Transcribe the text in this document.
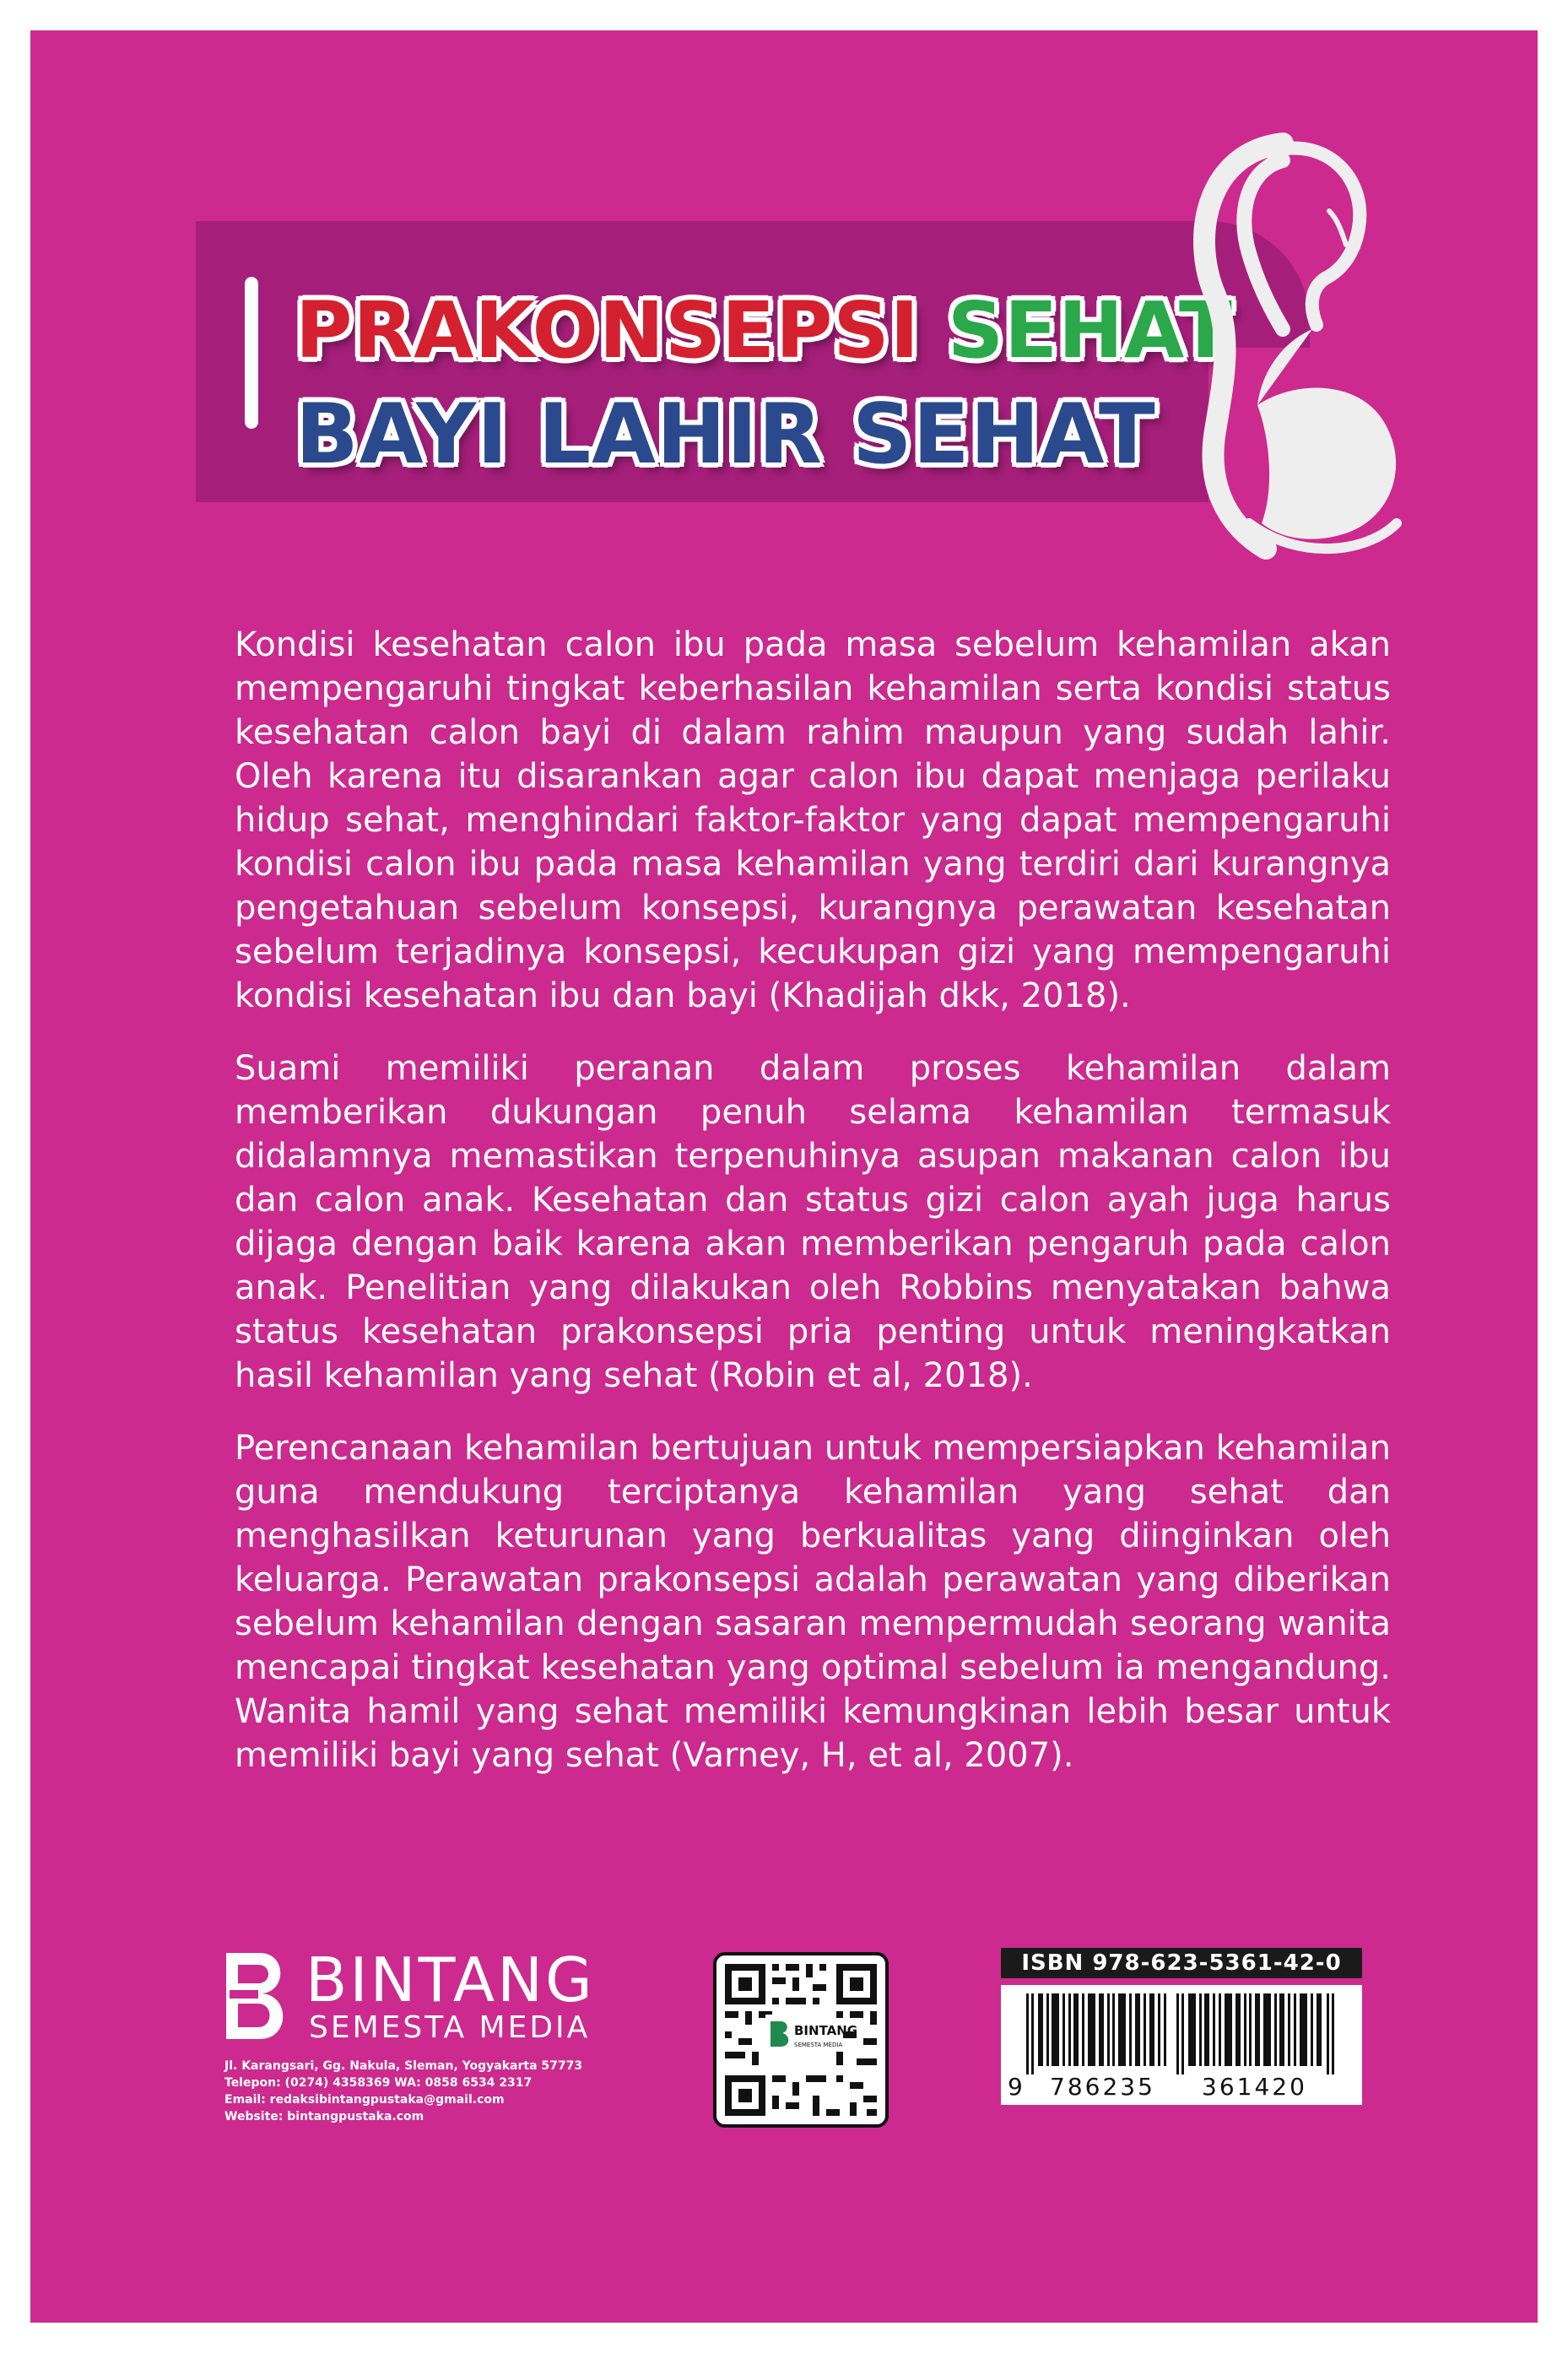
PRAKONSEPSI SEHAT
BAYI LAHIR SEHAT

Kondisi kesehatan calon ibu pada masa sebelum kehamilan akan mempengaruhi tingkat keberhasilan kehamilan serta kondisi status kesehatan calon bayi di dalam rahim maupun yang sudah lahir. Oleh karena itu disarankan agar calon ibu dapat menjaga perilaku hidup sehat, menghindari faktor-faktor yang dapat mempengaruhi kondisi calon ibu pada masa kehamilan yang terdiri dari kurangnya pengetahuan sebelum konsepsi, kurangnya perawatan kesehatan sebelum terjadinya konsepsi, kecukupan gizi yang mempengaruhi kondisi kesehatan ibu dan bayi (Khadijah dkk, 2018).

Suami memiliki peranan dalam proses kehamilan dalam memberikan dukungan penuh selama kehamilan termasuk didalamnya memastikan terpenuhinya asupan makanan calon ibu dan calon anak. Kesehatan dan status gizi calon ayah juga harus dijaga dengan baik karena akan memberikan pengaruh pada calon anak. Penelitian yang dilakukan oleh Robbins menyatakan bahwa status kesehatan prakonsepsi pria penting untuk meningkatkan hasil kehamilan yang sehat (Robin et al, 2018).

Perencanaan kehamilan bertujuan untuk mempersiapkan kehamilan guna mendukung terciptanya kehamilan yang sehat dan menghasilkan keturunan yang berkualitas yang diinginkan oleh keluarga. Perawatan prakonsepsi adalah perawatan yang diberikan sebelum kehamilan dengan sasaran mempermudah seorang wanita mencapai tingkat kesehatan yang optimal sebelum ia mengandung. Wanita hamil yang sehat memiliki kemungkinan lebih besar untuk memiliki bayi yang sehat (Varney, H, et al, 2007).

BINTANG
SEMESTA MEDIA
Jl. Karangsari, Gg. Nakula, Sleman, Yogyakarta 57773
Telepon: (0274) 4358369 WA: 0858 6534 2317
Email: redaksibintangpustaka@gmail.com
Website: bintangpustaka.com
BINTANG
SEMESTA MEDIA
ISBN 978-623-5361-42-0
9 786235 361420
